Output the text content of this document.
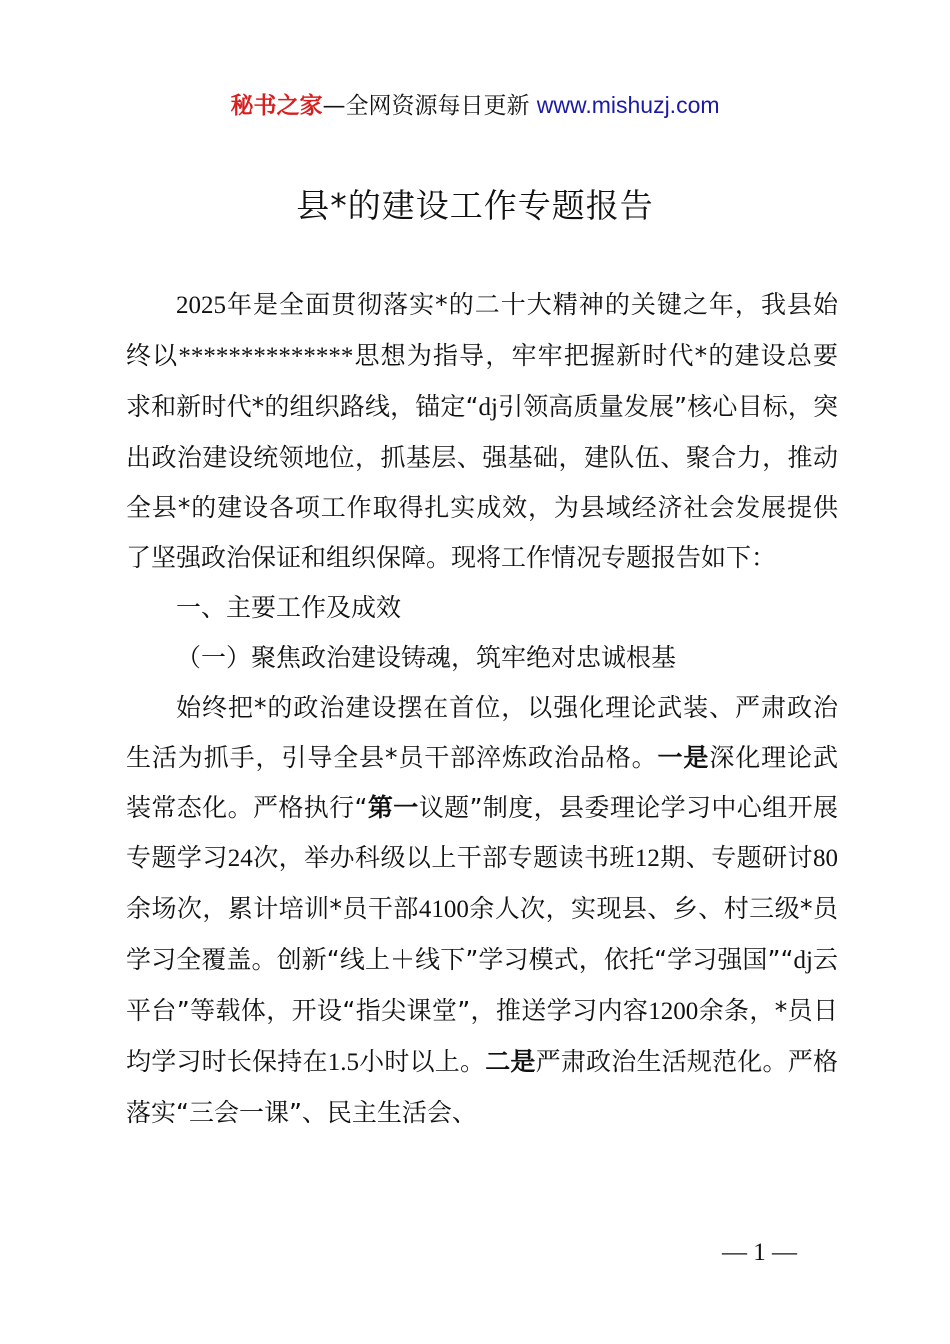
秘书之家—全网资源每日更新 www.mishuzj.com
县*的建设工作专题报告

2025年是全面贯彻落实*的二十大精神的关键之年，我县始终以**************思想为指导，牢牢把握新时代*的建设总要求和新时代*的组织路线，锚定“dj引领高质量发展”核心目标，突出政治建设统领地位，抓基层、强基础，建队伍、聚合力，推动全县*的建设各项工作取得扎实成效，为县域经济社会发展提供了坚强政治保证和组织保障。现将工作情况专题报告如下：

一、主要工作及成效

（一）聚焦政治建设铸魂，筑牢绝对忠诚根基

始终把*的政治建设摆在首位，以强化理论武装、严肃政治生活为抓手，引导全县*员干部淬炼政治品格。一是深化理论武装常态化。严格执行“第一议题”制度，县委理论学习中心组开展专题学习24次，举办科级以上干部专题读书班12期、专题研讨80余场次，累计培训*员干部4100余人次，实现县、乡、村三级*员学习全覆盖。创新“线上＋线下”学习模式，依托“学习强国”“dj云平台”等载体，开设“指尖课堂”，推送学习内容1200余条，*员日均学习时长保持在1.5小时以上。二是严肃政治生活规范化。严格落实“三会一课”、民主生活会、

— 1 —
